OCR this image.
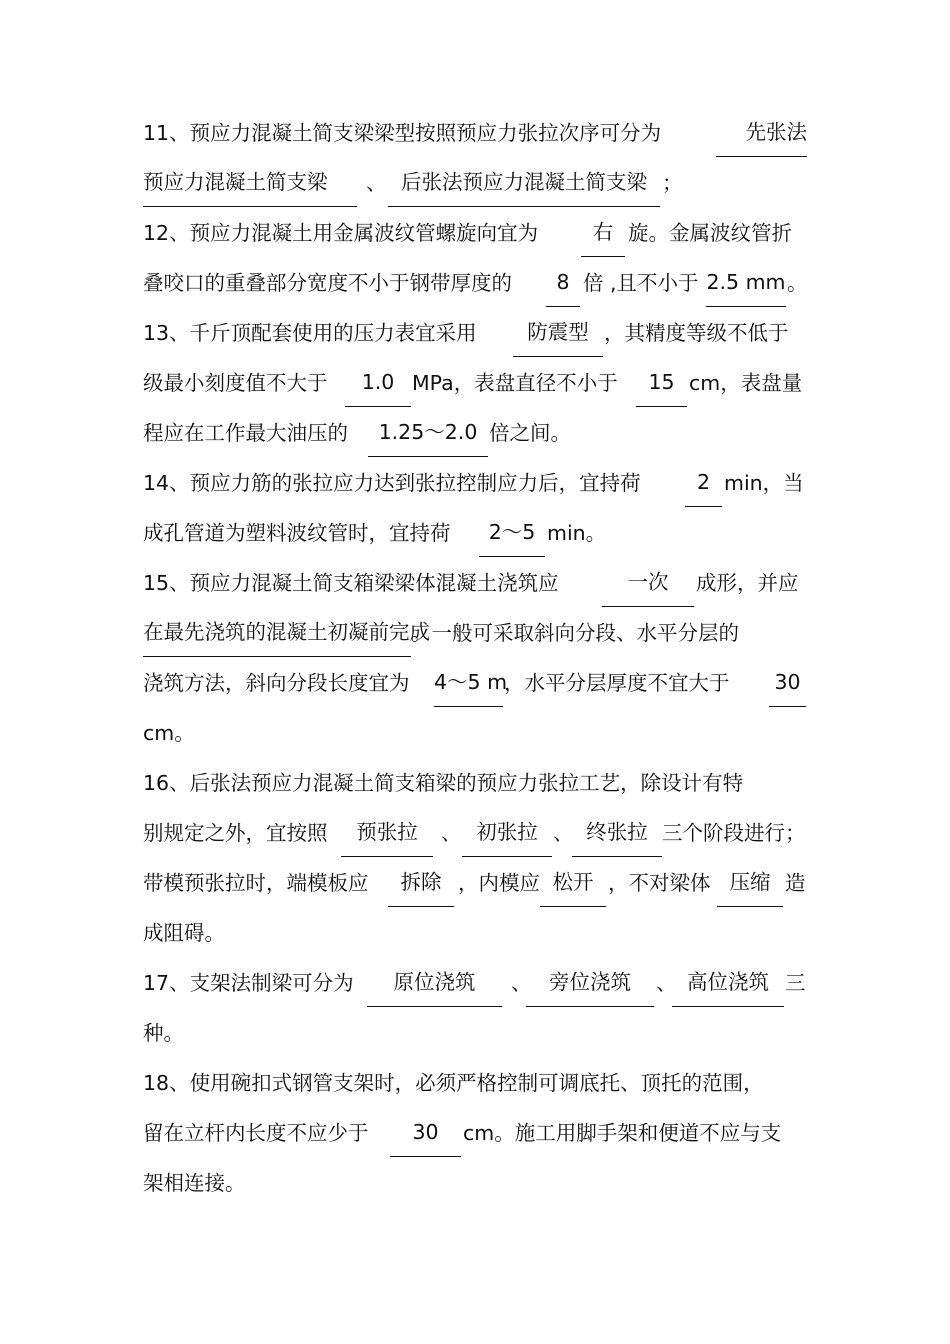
11、预应力混凝土简支梁梁型按照预应力张拉次序可分为	先张法
预应力混凝土简支梁	、 后张法预应力混凝土简支梁 ；
12、预应力混凝土用金属波纹管螺旋向宜为	右 旋。金属波纹管折
叠咬口的重叠部分宽度不小于钢带厚度的	8 倍 ,且不小于 2.5 mm 。
13、千斤顶配套使用的压力表宜采用	防震型 ，其精度等级不低于
级最小刻度值不大于	1.0 MPa，表盘直径不小于	15 cm，表盘量
程应在工作最大油压的	1.25～2.0 倍之间。
14、预应力筋的张拉应力达到张拉控制应力后，宜持荷	2 min，当
成孔管道为塑料波纹管时，宜持荷	2～5 min。
15、预应力混凝土简支箱梁梁体混凝土浇筑应	一次	成形，并应
在最先浇筑的混凝土初凝前完成
。一般可采取斜向分段、水平分层的
浇筑方法，斜向分段长度宜为 4～5 m
，水平分层厚度不宜大于 30
cm。
16、后张法预应力混凝土简支箱梁的预应力张拉工艺，除设计有特
别规定之外，宜按照	预张拉	、 初张拉 、 终张拉 三个阶段进行；
带模预张拉时，端模板应	拆除 ，内模应 松开 ，不对梁体 压缩 造
成阻碍。
17、支架法制梁可分为	原位浇筑	、 旁位浇筑	、 高位浇筑 三
种。
18、使用碗扣式钢管支架时，必须严格控制可调底托、顶托的范围，
留在立杆内长度不应少于	30	cm。施工用脚手架和便道不应与支
架相连接。
